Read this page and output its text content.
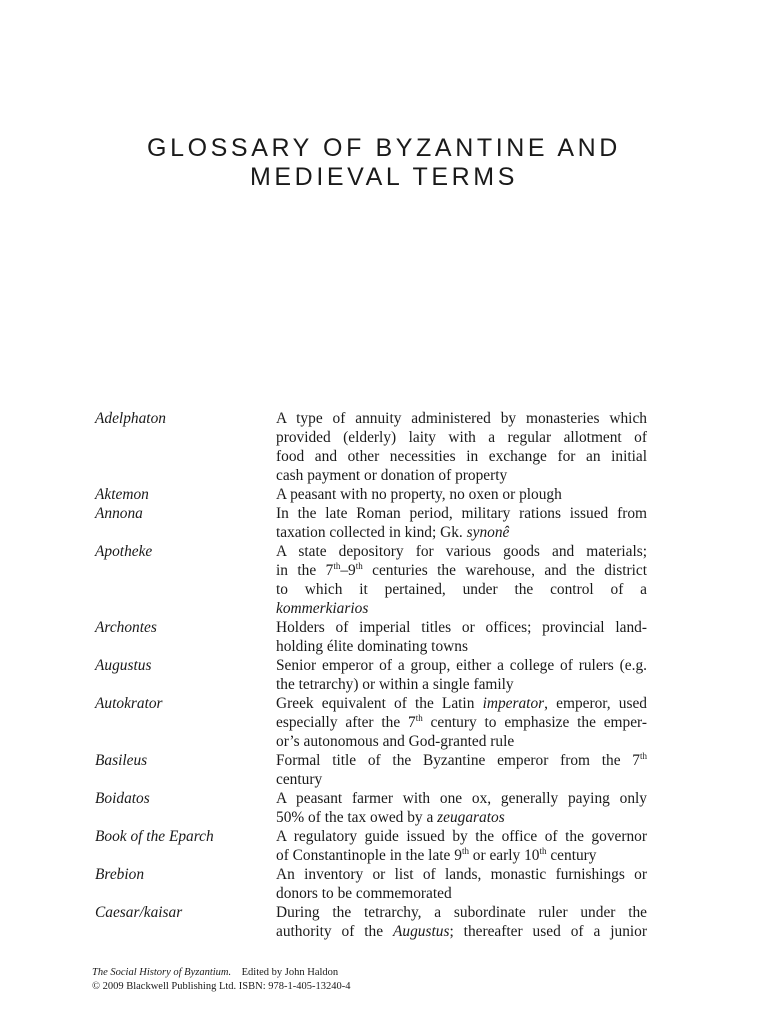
GLOSSARY OF BYZANTINE AND
MEDIEVAL TERMS
Adelphaton	A type of annuity administered by monasteries which
provided (elderly) laity with a regular allotment of
food and other necessities in exchange for an initial
cash payment or donation of property
Aktemon	A peasant with no property, no oxen or plough
Annona	In the late Roman period, military rations issued from
taxation collected in kind; Gk. synonê
Apotheke	A state depository for various goods and materials;
in the 7th–9th centuries the warehouse, and the district
to which it pertained, under the control of a
kommerkiarios
Archontes	Holders of imperial titles or offices; provincial land-
holding élite dominating towns
Augustus	Senior emperor of a group, either a college of rulers (e.g.
the tetrarchy) or within a single family
Autokrator	Greek equivalent of the Latin imperator, emperor, used
especially after the 7th century to emphasize the emper-
or’s autonomous and God-granted rule
Basileus	Formal title of the Byzantine emperor from the 7th
century
Boidatos	A peasant farmer with one ox, generally paying only
50% of the tax owed by a zeugaratos
Book of the Eparch	A regulatory guide issued by the office of the governor
of Constantinople in the late 9th or early 10th century
Brebion	An inventory or list of lands, monastic furnishings or
donors to be commemorated
Caesar/kaisar	During the tetrarchy, a subordinate ruler under the
authority of the Augustus; thereafter used of a junior
The Social History of Byzantium. Edited by John Haldon
© 2009 Blackwell Publishing Ltd. ISBN: 978-1-405-13240-4
